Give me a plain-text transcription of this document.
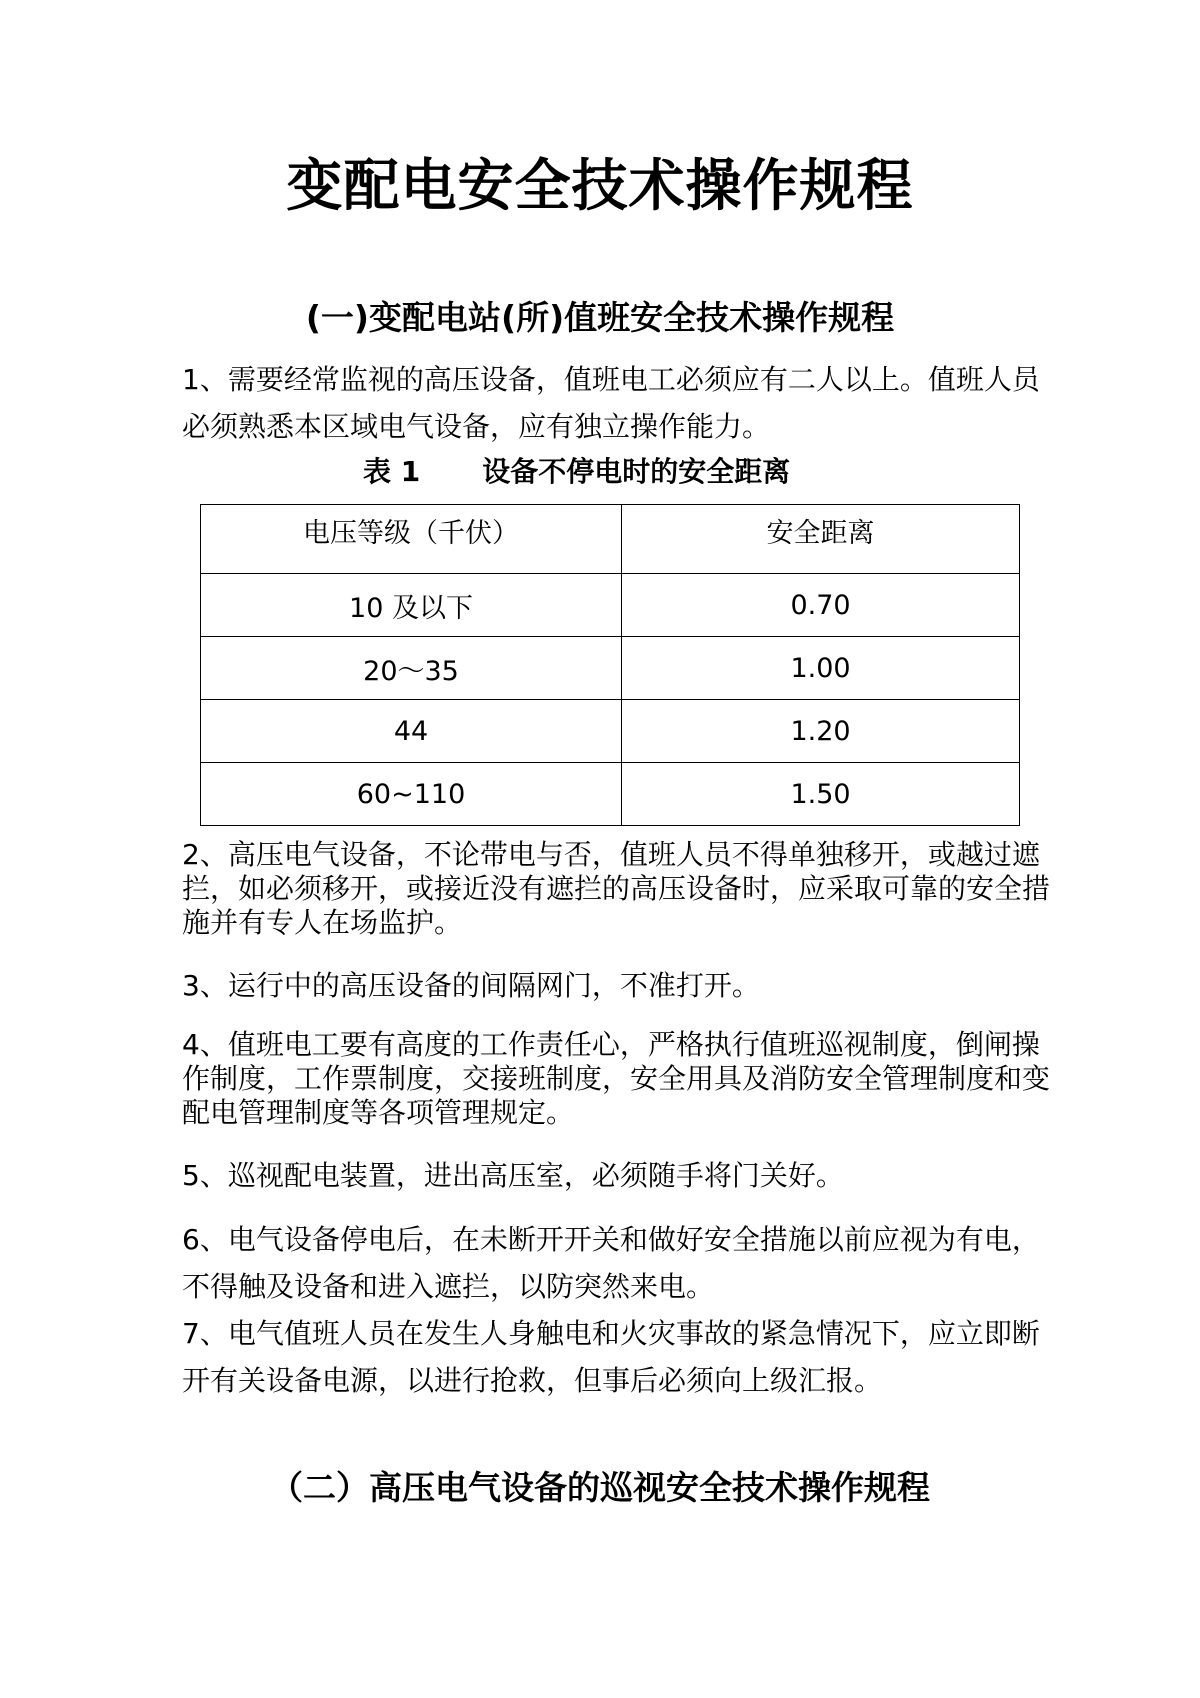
变配电安全技术操作规程
(一)变配电站(所)值班安全技术操作规程

1、需要经常监视的高压设备，值班电工必须应有二人以上。值班人员必须熟悉本区域电气设备，应有独立操作能力。

表 1 设备不停电时的安全距离
电压等级（千伏）	安全距离
10 及以下	0.70
20～35	1.00
44	1.20
60~110	1.50

2、高压电气设备，不论带电与否，值班人员不得单独移开，或越过遮拦，如必须移开，或接近没有遮拦的高压设备时，应采取可靠的安全措施并有专人在场监护。

3、运行中的高压设备的间隔网门，不准打开。

4、值班电工要有高度的工作责任心，严格执行值班巡视制度，倒闸操作制度，工作票制度，交接班制度，安全用具及消防安全管理制度和变配电管理制度等各项管理规定。

5、巡视配电装置，进出高压室，必须随手将门关好。

6、电气设备停电后，在未断开开关和做好安全措施以前应视为有电，不得触及设备和进入遮拦，以防突然来电。

7、电气值班人员在发生人身触电和火灾事故的紧急情况下，应立即断开有关设备电源，以进行抢救，但事后必须向上级汇报。

（二）高压电气设备的巡视安全技术操作规程
